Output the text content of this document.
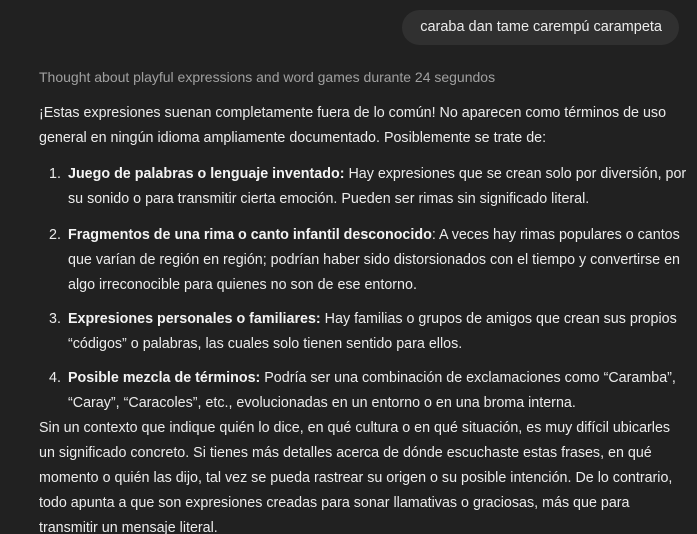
caraba dan tame carempú carampeta
Thought about playful expressions and word games durante 24 segundos

¡Estas expresiones suenan completamente fuera de lo común! No aparecen como términos de uso general en ningún idioma ampliamente documentado. Posiblemente se trate de:

1. Juego de palabras o lenguaje inventado: Hay expresiones que se crean solo por diversión, por su sonido o para transmitir cierta emoción. Pueden ser rimas sin significado literal.
2. Fragmentos de una rima o canto infantil desconocido: A veces hay rimas populares o cantos que varían de región en región; podrían haber sido distorsionados con el tiempo y convertirse en algo irreconocible para quienes no son de ese entorno.
3. Expresiones personales o familiares: Hay familias o grupos de amigos que crean sus propios “códigos” o palabras, las cuales solo tienen sentido para ellos.
4. Posible mezcla de términos: Podría ser una combinación de exclamaciones como “Caramba”, “Caray”, “Caracoles”, etc., evolucionadas en un entorno o en una broma interna.

Sin un contexto que indique quién lo dice, en qué cultura o en qué situación, es muy difícil ubicarles un significado concreto. Si tienes más detalles acerca de dónde escuchaste estas frases, en qué momento o quién las dijo, tal vez se pueda rastrear su origen o su posible intención. De lo contrario, todo apunta a que son expresiones creadas para sonar llamativas o graciosas, más que para transmitir un mensaje literal.
